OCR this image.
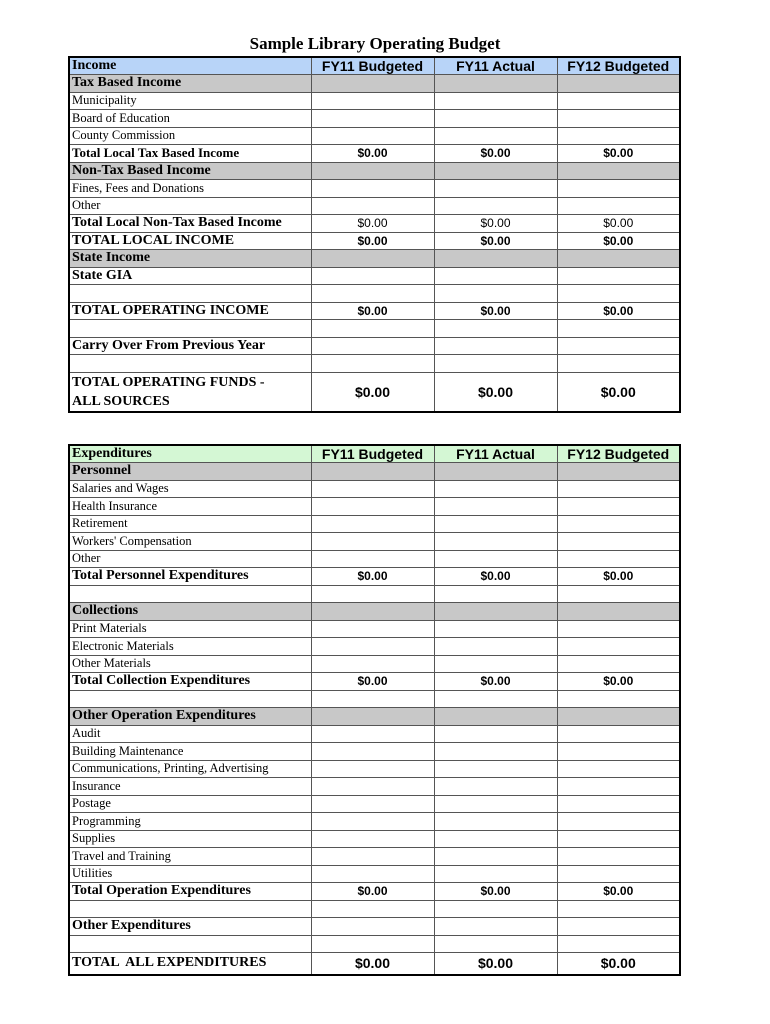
Sample Library Operating Budget
Income	FY11 Budgeted	FY11 Actual	FY12 Budgeted
Tax Based Income			
Municipality			
Board of Education			
County Commission			
Total Local Tax Based Income	$0.00	$0.00	$0.00
Non-Tax Based Income			
Fines, Fees and Donations			
Other			
Total Local Non-Tax Based Income	$0.00	$0.00	$0.00
TOTAL LOCAL INCOME	$0.00	$0.00	$0.00
State Income			
State GIA			

TOTAL OPERATING INCOME	$0.00	$0.00	$0.00

Carry Over From Previous Year			

TOTAL OPERATING FUNDS -
ALL SOURCES	$0.00	$0.00	$0.00
Expenditures	FY11 Budgeted	FY11 Actual	FY12 Budgeted
Personnel			
Salaries and Wages			
Health Insurance			
Retirement			
Workers' Compensation			
Other			
Total Personnel Expenditures	$0.00	$0.00	$0.00

Collections			
Print Materials			
Electronic Materials			
Other Materials			
Total Collection Expenditures	$0.00	$0.00	$0.00

Other Operation Expenditures			
Audit			
Building Maintenance			
Communications, Printing, Advertising			
Insurance			
Postage			
Programming			
Supplies			
Travel and Training			
Utilities			
Total Operation Expenditures	$0.00	$0.00	$0.00

Other Expenditures			

TOTAL  ALL EXPENDITURES	$0.00	$0.00	$0.00
